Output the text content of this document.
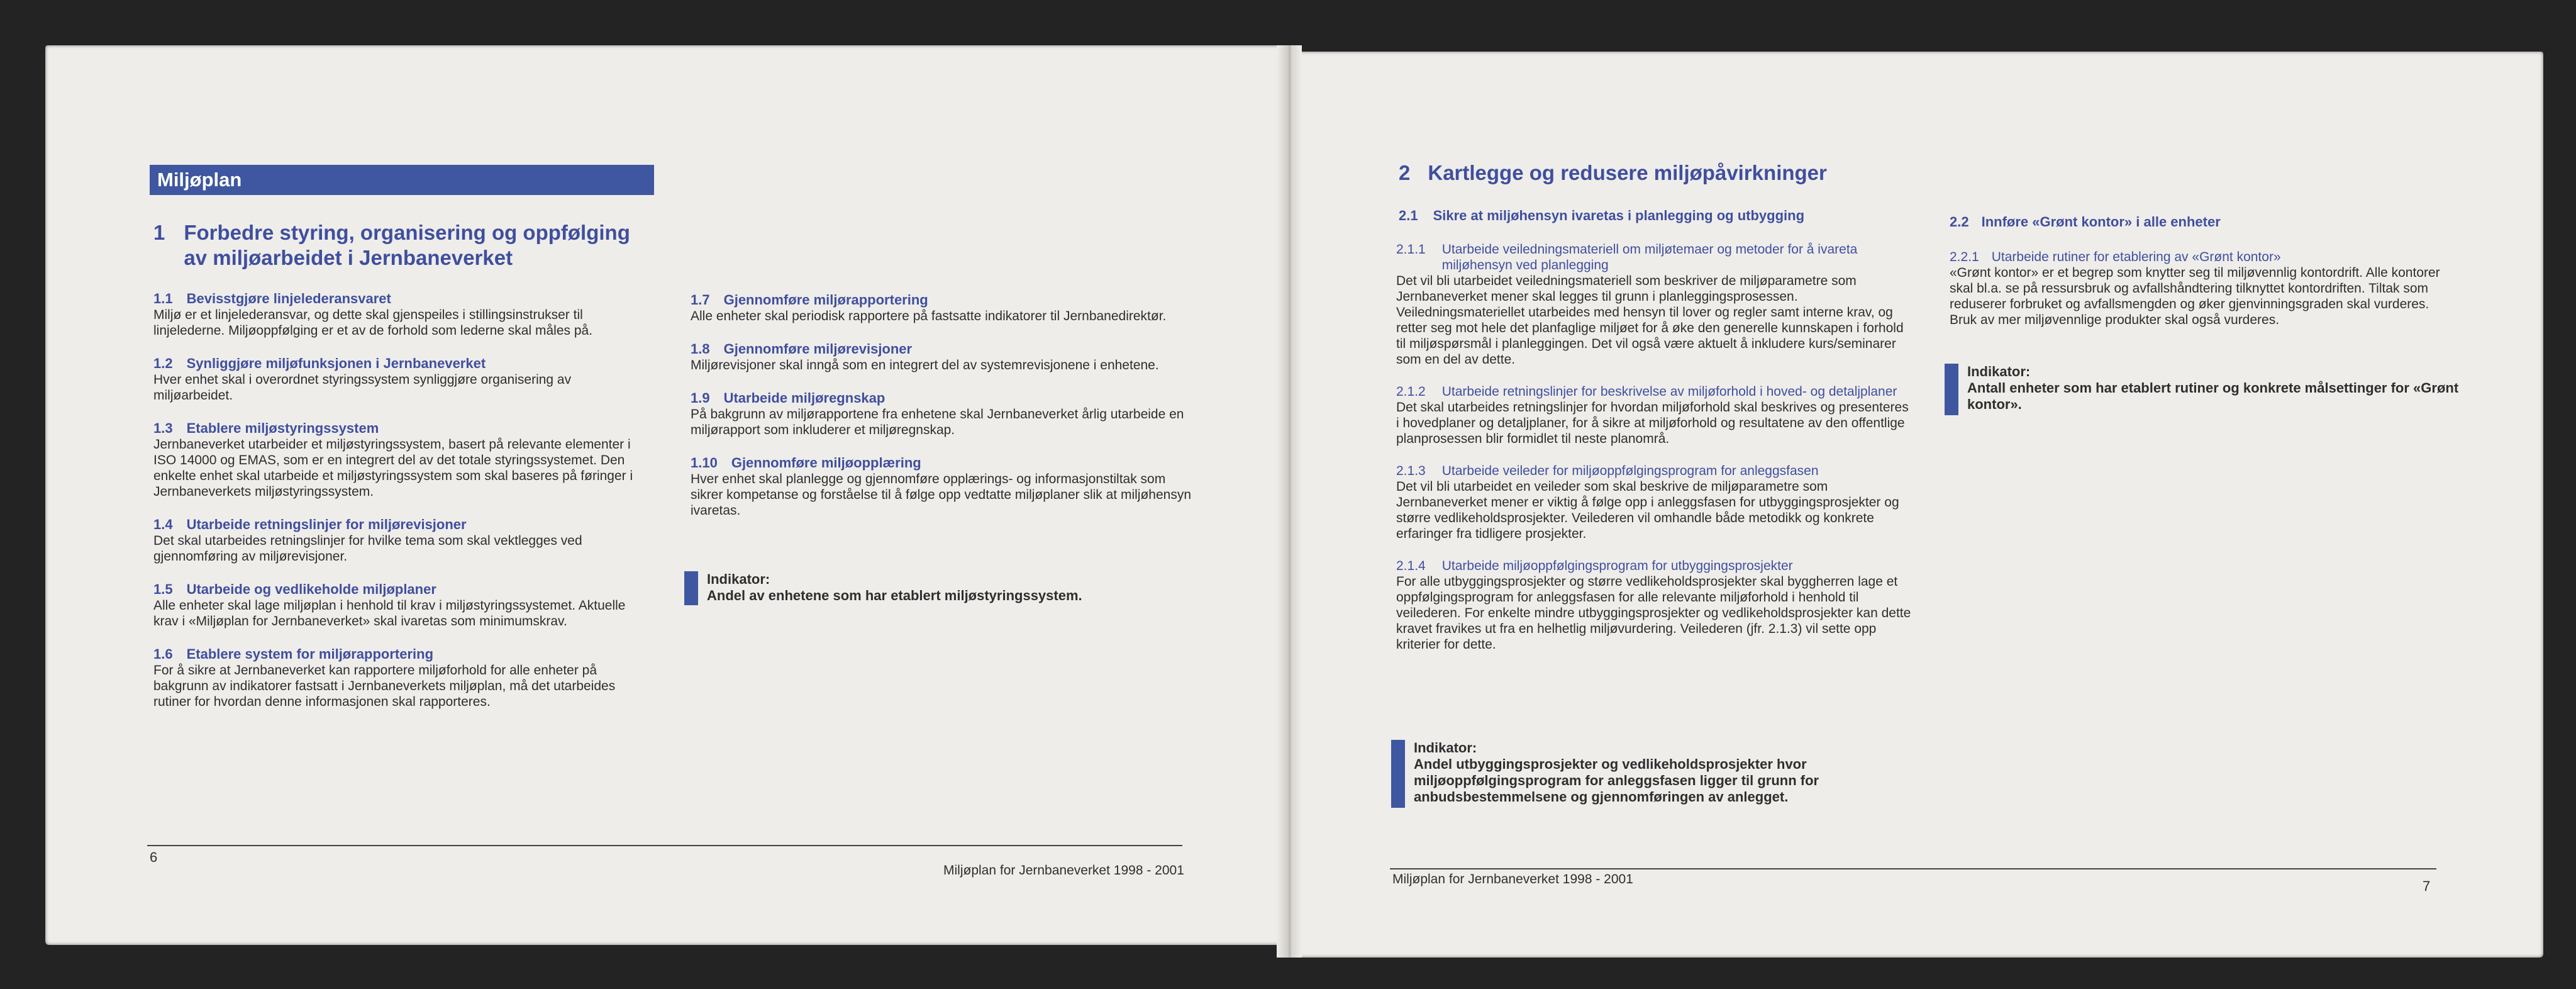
Miljøplan
1 Forbedre styring, organisering og oppfølging av miljøarbeidet i Jernbaneverket
1.1 Bevisstgjøre linjelederansvaret
Miljø er et linjelederansvar, og dette skal gjenspeiles i stillingsinstrukser til linjelederne. Miljøoppfølging er et av de forhold som lederne skal måles på.
1.2 Synliggjøre miljøfunksjonen i Jernbaneverket
Hver enhet skal i overordnet styringssystem synliggjøre organisering av miljøarbeidet.
1.3 Etablere miljøstyringssystem
Jernbaneverket utarbeider et miljøstyringssystem, basert på relevante elementer i ISO 14000 og EMAS, som er en integrert del av det totale styringssystemet. Den enkelte enhet skal utarbeide et miljøstyringssystem som skal baseres på føringer i Jernbaneverkets miljøstyringssystem.
1.4 Utarbeide retningslinjer for miljørevisjoner
Det skal utarbeides retningslinjer for hvilke tema som skal vektlegges ved gjennomføring av miljørevisjoner.
1.5 Utarbeide og vedlikeholde miljøplaner
Alle enheter skal lage miljøplan i henhold til krav i miljøstyringssystemet. Aktuelle krav i «Miljøplan for Jernbaneverket» skal ivaretas som minimumskrav.
1.6 Etablere system for miljørapportering
For å sikre at Jernbaneverket kan rapportere miljøforhold for alle enheter på bakgrunn av indikatorer fastsatt i Jernbaneverkets miljøplan, må det utarbeides rutiner for hvordan denne informasjonen skal rapporteres.
1.7 Gjennomføre miljørapportering
Alle enheter skal periodisk rapportere på fastsatte indikatorer til Jernbanedirektør.
1.8 Gjennomføre miljørevisjoner
Miljørevisjoner skal inngå som en integrert del av systemrevisjonene i enhetene.
1.9 Utarbeide miljøregnskap
På bakgrunn av miljørapportene fra enhetene skal Jernbaneverket årlig utarbeide en miljørapport som inkluderer et miljøregnskap.
1.10 Gjennomføre miljøopplæring
Hver enhet skal planlegge og gjennomføre opplærings- og informasjonstiltak som sikrer kompetanse og forståelse til å følge opp vedtatte miljøplaner slik at miljøhensyn ivaretas.
Indikator:
Andel av enhetene som har etablert miljøstyringssystem.
6
Miljøplan for Jernbaneverket 1998 - 2001
2 Kartlegge og redusere miljøpåvirkninger
2.1 Sikre at miljøhensyn ivaretas i planlegging og utbygging
2.1.1 Utarbeide veiledningsmateriell om miljøtemaer og metoder for å ivareta miljøhensyn ved planlegging
Det vil bli utarbeidet veiledningsmateriell som beskriver de miljøparametre som Jernbaneverket mener skal legges til grunn i planleggingsprosessen. Veiledningsmateriellet utarbeides med hensyn til lover og regler samt interne krav, og retter seg mot hele det planfaglige miljøet for å øke den generelle kunnskapen i forhold til miljøspørsmål i planleggingen. Det vil også være aktuelt å inkludere kurs/seminarer som en del av dette.
2.1.2 Utarbeide retningslinjer for beskrivelse av miljøforhold i hoved- og detaljplaner
Det skal utarbeides retningslinjer for hvordan miljøforhold skal beskrives og presenteres i hovedplaner og detaljplaner, for å sikre at miljøforhold og resultatene av den offentlige planprosessen blir formidlet til neste planområ.
2.1.3 Utarbeide veileder for miljøoppfølgingsprogram for anleggsfasen
Det vil bli utarbeidet en veileder som skal beskrive de miljøparametre som Jernbaneverket mener er viktig å følge opp i anleggsfasen for utbyggingsprosjekter og større vedlikeholdsprosjekter. Veilederen vil omhandle både metodikk og konkrete erfaringer fra tidligere prosjekter.
2.1.4 Utarbeide miljøoppfølgingsprogram for utbyggingsprosjekter
For alle utbyggingsprosjekter og større vedlikeholdsprosjekter skal byggherren lage et oppfølgingsprogram for anleggsfasen for alle relevante miljøforhold i henhold til veilederen. For enkelte mindre utbyggingsprosjekter og vedlikeholdsprosjekter kan dette kravet fravikes ut fra en helhetlig miljøvurdering. Veilederen (jfr. 2.1.3) vil sette opp kriterier for dette.
Indikator:
Andel utbyggingsprosjekter og vedlikeholdsprosjekter hvor miljøoppfølgingsprogram for anleggsfasen ligger til grunn for anbudsbestemmelsene og gjennomføringen av anlegget.
2.2 Innføre «Grønt kontor» i alle enheter
2.2.1 Utarbeide rutiner for etablering av «Grønt kontor»
«Grønt kontor» er et begrep som knytter seg til miljøvennlig kontordrift. Alle kontorer skal bl.a. se på ressursbruk og avfallshåndtering tilknyttet kontordriften. Tiltak som reduserer forbruket og avfallsmengden og øker gjenvinningsgraden skal vurderes. Bruk av mer miljøvennlige produkter skal også vurderes.
Indikator:
Antall enheter som har etablert rutiner og konkrete målsettinger for «Grønt kontor».
Miljøplan for Jernbaneverket 1998 - 2001	7
